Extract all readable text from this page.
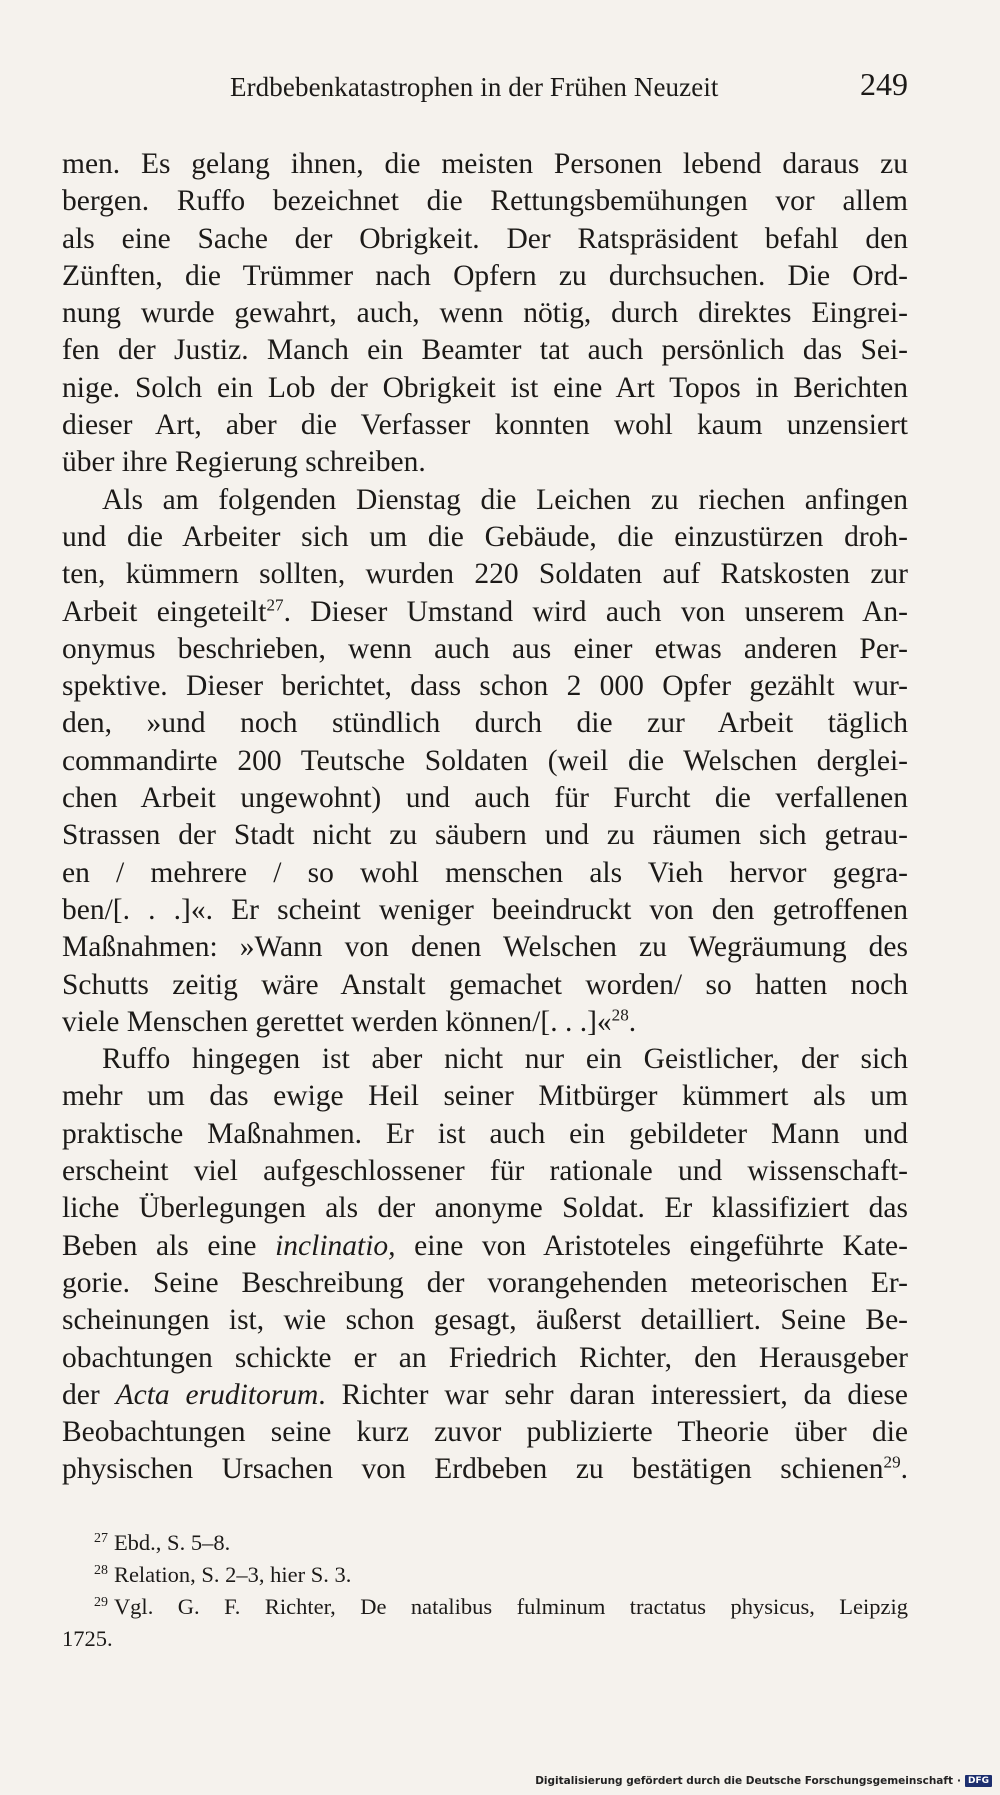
Erdbebenkatastrophen in der Frühen Neuzeit	249
men. Es gelang ihnen, die meisten Personen lebend daraus zu
bergen. Ruffo bezeichnet die Rettungsbemühungen vor allem
als eine Sache der Obrigkeit. Der Ratspräsident befahl den
Zünften, die Trümmer nach Opfern zu durchsuchen. Die Ord-
nung wurde gewahrt, auch, wenn nötig, durch direktes Eingrei-
fen der Justiz. Manch ein Beamter tat auch persönlich das Sei-
nige. Solch ein Lob der Obrigkeit ist eine Art Topos in Berichten
dieser Art, aber die Verfasser konnten wohl kaum unzensiert
über ihre Regierung schreiben.
Als am folgenden Dienstag die Leichen zu riechen anfingen
und die Arbeiter sich um die Gebäude, die einzustürzen droh-
ten, kümmern sollten, wurden 220 Soldaten auf Ratskosten zur
Arbeit eingeteilt$^{27}$. Dieser Umstand wird auch von unserem An-
onymus beschrieben, wenn auch aus einer etwas anderen Per-
spektive. Dieser berichtet, dass schon 2 000 Opfer gezählt wur-
den, »und noch stündlich durch die zur Arbeit täglich
commandirte 200 Teutsche Soldaten (weil die Welschen derglei-
chen Arbeit ungewohnt) und auch für Furcht die verfallenen
Strassen der Stadt nicht zu säubern und zu räumen sich getrau-
en / mehrere / so wohl menschen als Vieh hervor gegra-
ben/[. . .]«. Er scheint weniger beeindruckt von den getroffenen
Maßnahmen: »Wann von denen Welschen zu Wegräumung des
Schutts zeitig wäre Anstalt gemachet worden/ so hatten noch
viele Menschen gerettet werden können/[. . .]«$^{28}$.
Ruffo hingegen ist aber nicht nur ein Geistlicher, der sich
mehr um das ewige Heil seiner Mitbürger kümmert als um
praktische Maßnahmen. Er ist auch ein gebildeter Mann und
erscheint viel aufgeschlossener für rationale und wissenschaft-
liche Überlegungen als der anonyme Soldat. Er klassifiziert das
Beben als eine inclinatio, eine von Aristoteles eingeführte Kate-
gorie. Seine Beschreibung der vorangehenden meteorischen Er-
scheinungen ist, wie schon gesagt, äußerst detailliert. Seine Be-
obachtungen schickte er an Friedrich Richter, den Herausgeber
der Acta eruditorum. Richter war sehr daran interessiert, da diese
Beobachtungen seine kurz zuvor publizierte Theorie über die
physischen Ursachen von Erdbeben zu bestätigen schienen$^{29}$.
$^{27}$ Ebd., S. 5–8.
$^{28}$ Relation, S. 2–3, hier S. 3.
$^{29}$ Vgl. G. F. Richter, De natalibus fulminum tractatus physicus, Leipzig
1725.
Digitalisierung gefördert durch die Deutsche Forschungsgemeinschaft · DFG
